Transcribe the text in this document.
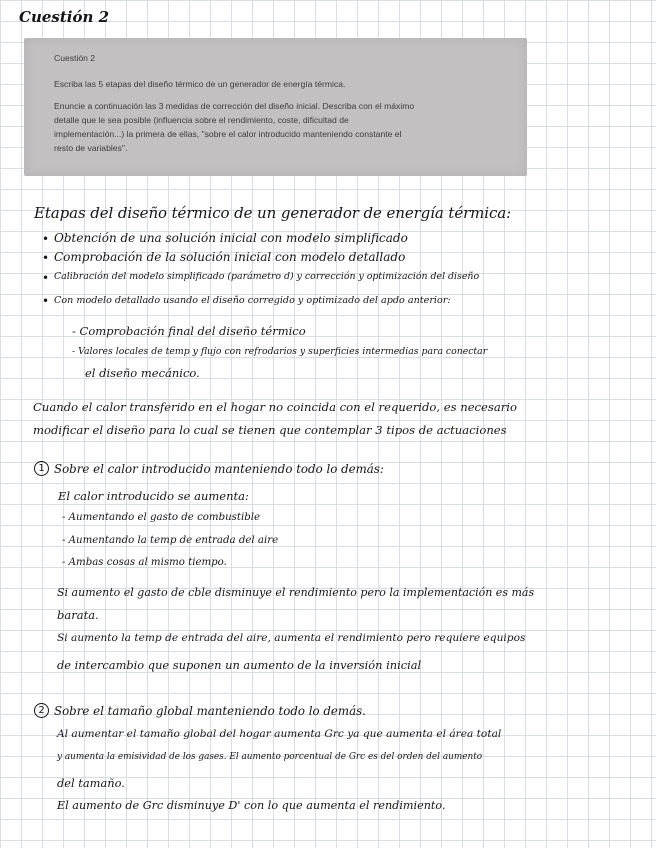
Cuestión 2
Cuestión 2
Escriba las 5 etapas del diseño térmico de un generador de energía térmica.
Enuncie a continuación las 3 medidas de corrección del diseño inicial. Describa con el máximo
detalle que le sea posible (influencia sobre el rendimiento, coste, dificultad de
implementación...) la primera de ellas, "sobre el calor introducido manteniendo constante el
resto de variables".
Etapas del diseño térmico de un generador de energía térmica:
• Obtención de una solución inicial con modelo simplificado
• Comprobación de la solución inicial con modelo detallado
• Calibración del modelo simplificado (parámetro d) y corrección y optimización del diseño
• Con modelo detallado usando el diseño corregido y optimizado del apdo anterior:
- Comprobación final del diseño térmico
- Valores locales de temp y flujo con refrodarios y superficies intermedias para conectar
el diseño mecánico.
Cuando el calor transferido en el hogar no coincida con el requerido, es necesario
modificar el diseño para lo cual se tienen que contemplar 3 tipos de actuaciones
1 Sobre el calor introducido manteniendo todo lo demás:
El calor introducido se aumenta:
- Aumentando el gasto de combustible
- Aumentando la temp de entrada del aire
- Ambas cosas al mismo tiempo.
Si aumento el gasto de cble disminuye el rendimiento pero la implementación es más
barata.
Si aumento la temp de entrada del aire, aumenta el rendimiento pero requiere equipos
de intercambio que suponen un aumento de la inversión inicial
2 Sobre el tamaño global manteniendo todo lo demás.
Al aumentar el tamaño global del hogar aumenta Grc ya que aumenta el área total
y aumenta la emisividad de los gases. El aumento porcentual de Grc es del orden del aumento
del tamaño.
El aumento de Grc disminuye D' con lo que aumenta el rendimiento.
